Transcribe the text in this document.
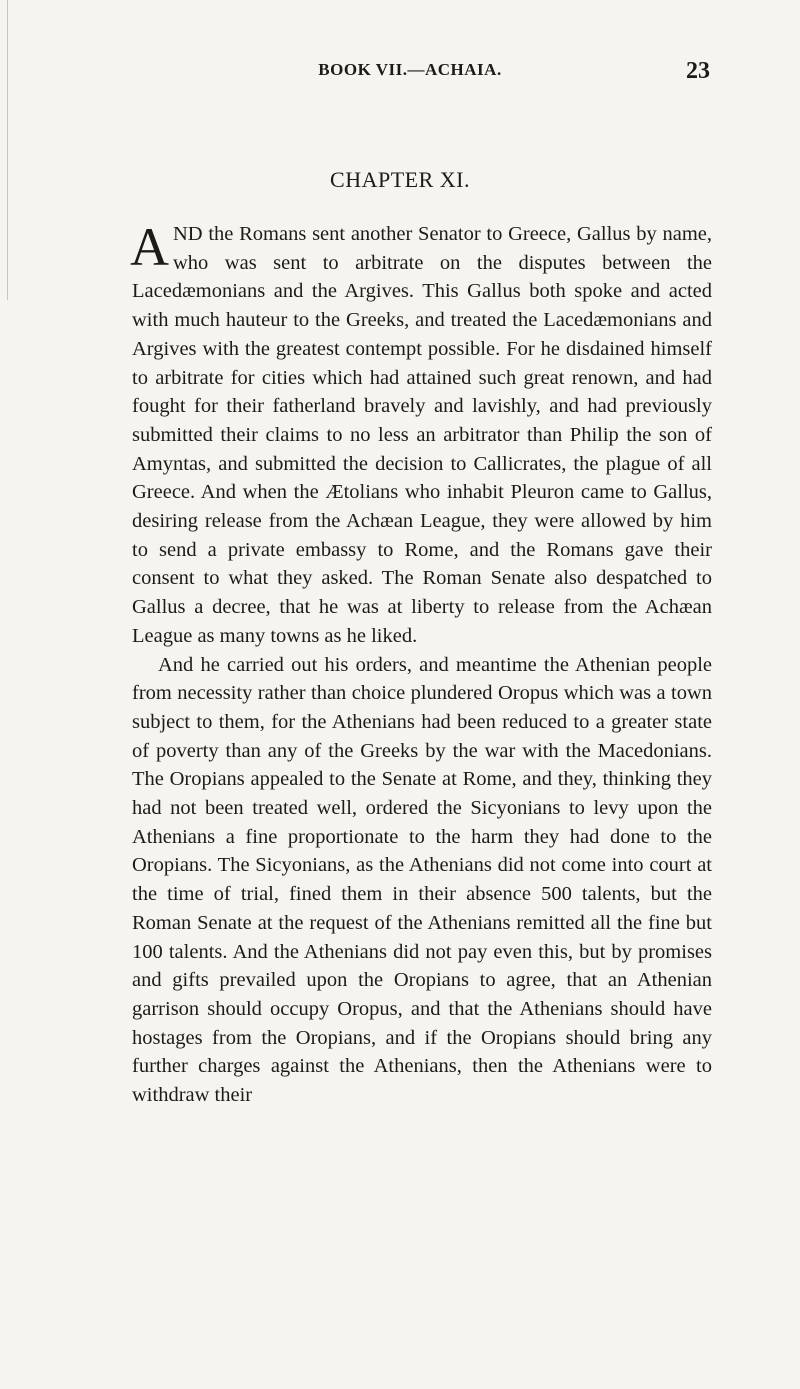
BOOK VII.—ACHAIA.	23
CHAPTER XI.

AND the Romans sent another Senator to Greece, Gallus by name, who was sent to arbitrate on the disputes between the Lacedæmonians and the Argives. This Gallus both spoke and acted with much hauteur to the Greeks, and treated the Lacedæmonians and Argives with the greatest contempt possible. For he disdained himself to arbitrate for cities which had attained such great renown, and had fought for their fatherland bravely and lavishly, and had previously submitted their claims to no less an arbitrator than Philip the son of Amyntas, and submitted the decision to Callicrates, the plague of all Greece. And when the Ætolians who inhabit Pleuron came to Gallus, desiring release from the Achæan League, they were allowed by him to send a private embassy to Rome, and the Romans gave their consent to what they asked. The Roman Senate also despatched to Gallus a decree, that he was at liberty to release from the Achæan League as many towns as he liked.

And he carried out his orders, and meantime the Athenian people from necessity rather than choice plundered Oropus which was a town subject to them, for the Athenians had been reduced to a greater state of poverty than any of the Greeks by the war with the Macedonians. The Oropians appealed to the Senate at Rome, and they, thinking they had not been treated well, ordered the Sicyonians to levy upon the Athenians a fine proportionate to the harm they had done to the Oropians. The Sicyonians, as the Athenians did not come into court at the time of trial, fined them in their absence 500 talents, but the Roman Senate at the request of the Athenians remitted all the fine but 100 talents. And the Athenians did not pay even this, but by promises and gifts prevailed upon the Oropians to agree, that an Athenian garrison should occupy Oropus, and that the Athenians should have hostages from the Oropians, and if the Oropians should bring any further charges against the Athenians, then the Athenians were to withdraw their
